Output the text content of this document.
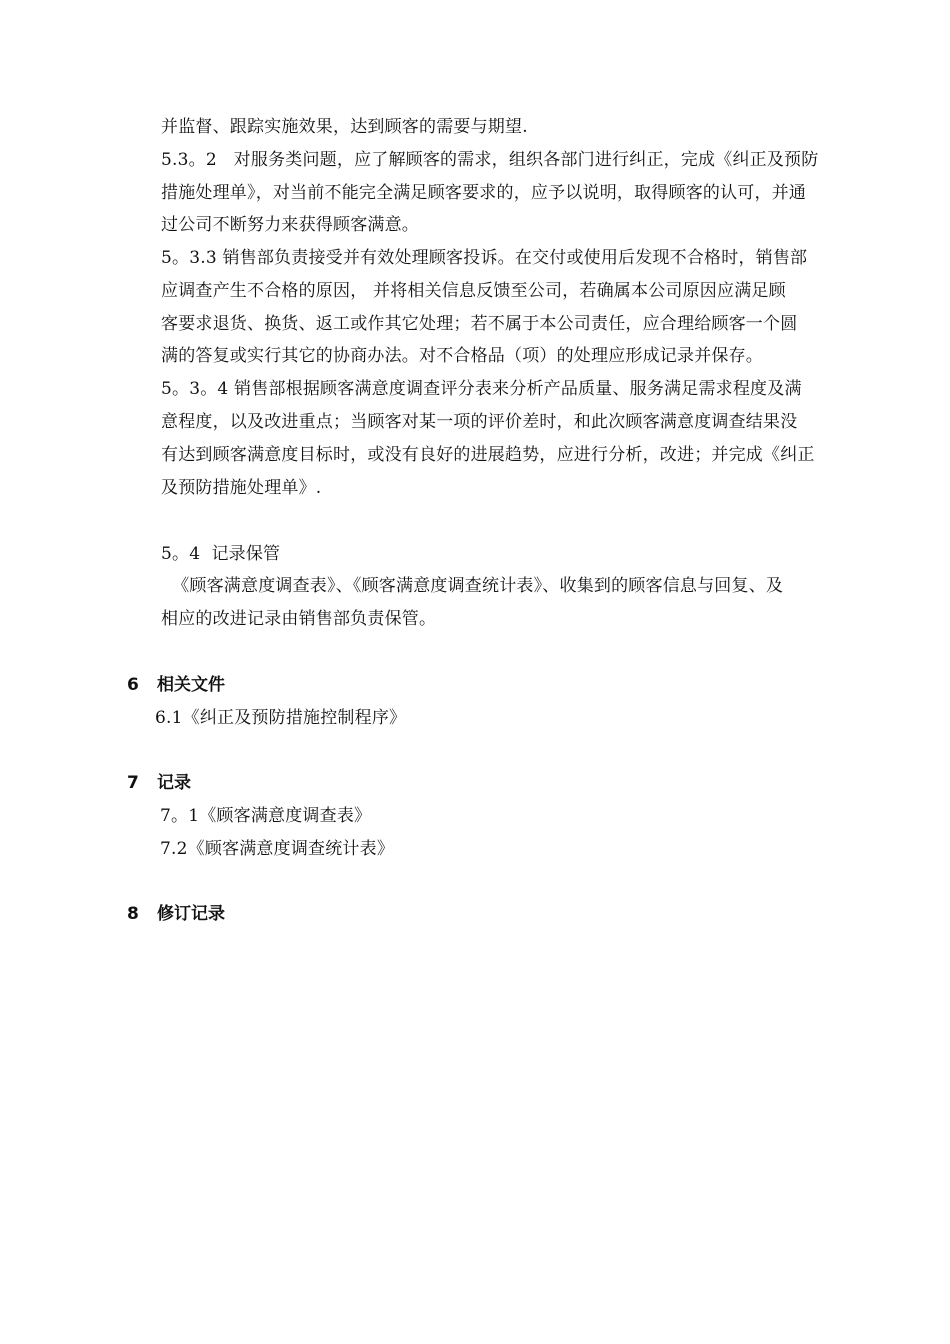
并监督、跟踪实施效果，达到顾客的需要与期望.
5.3。2   对服务类问题，应了解顾客的需求，组织各部门进行纠正，完成《纠正及预防
措施处理单》，对当前不能完全满足顾客要求的，应予以说明，取得顾客的认可，并通
过公司不断努力来获得顾客满意。
5。3.3 销售部负责接受并有效处理顾客投诉。在交付或使用后发现不合格时，销售部
应调查产生不合格的原因， 并将相关信息反馈至公司，若确属本公司原因应满足顾
客要求退货、换货、返工或作其它处理；若不属于本公司责任，应合理给顾客一个圆
满的答复或实行其它的协商办法。对不合格品（项）的处理应形成记录并保存。
5。3。4 销售部根据顾客满意度调查评分表来分析产品质量、服务满足需求程度及满
意程度，以及改进重点；当顾客对某一项的评价差时，和此次顾客满意度调查结果没
有达到顾客满意度目标时，或没有良好的进展趋势，应进行分析，改进；并完成《纠正
及预防措施处理单》.
5。4  记录保管
《顾客满意度调查表》、《顾客满意度调查统计表》、收集到的顾客信息与回复、及
相应的改进记录由销售部负责保管。
6 相关文件
6.1《纠正及预防措施控制程序》
7 记录
7。1《顾客满意度调查表》
7.2《顾客满意度调查统计表》
8 修订记录
